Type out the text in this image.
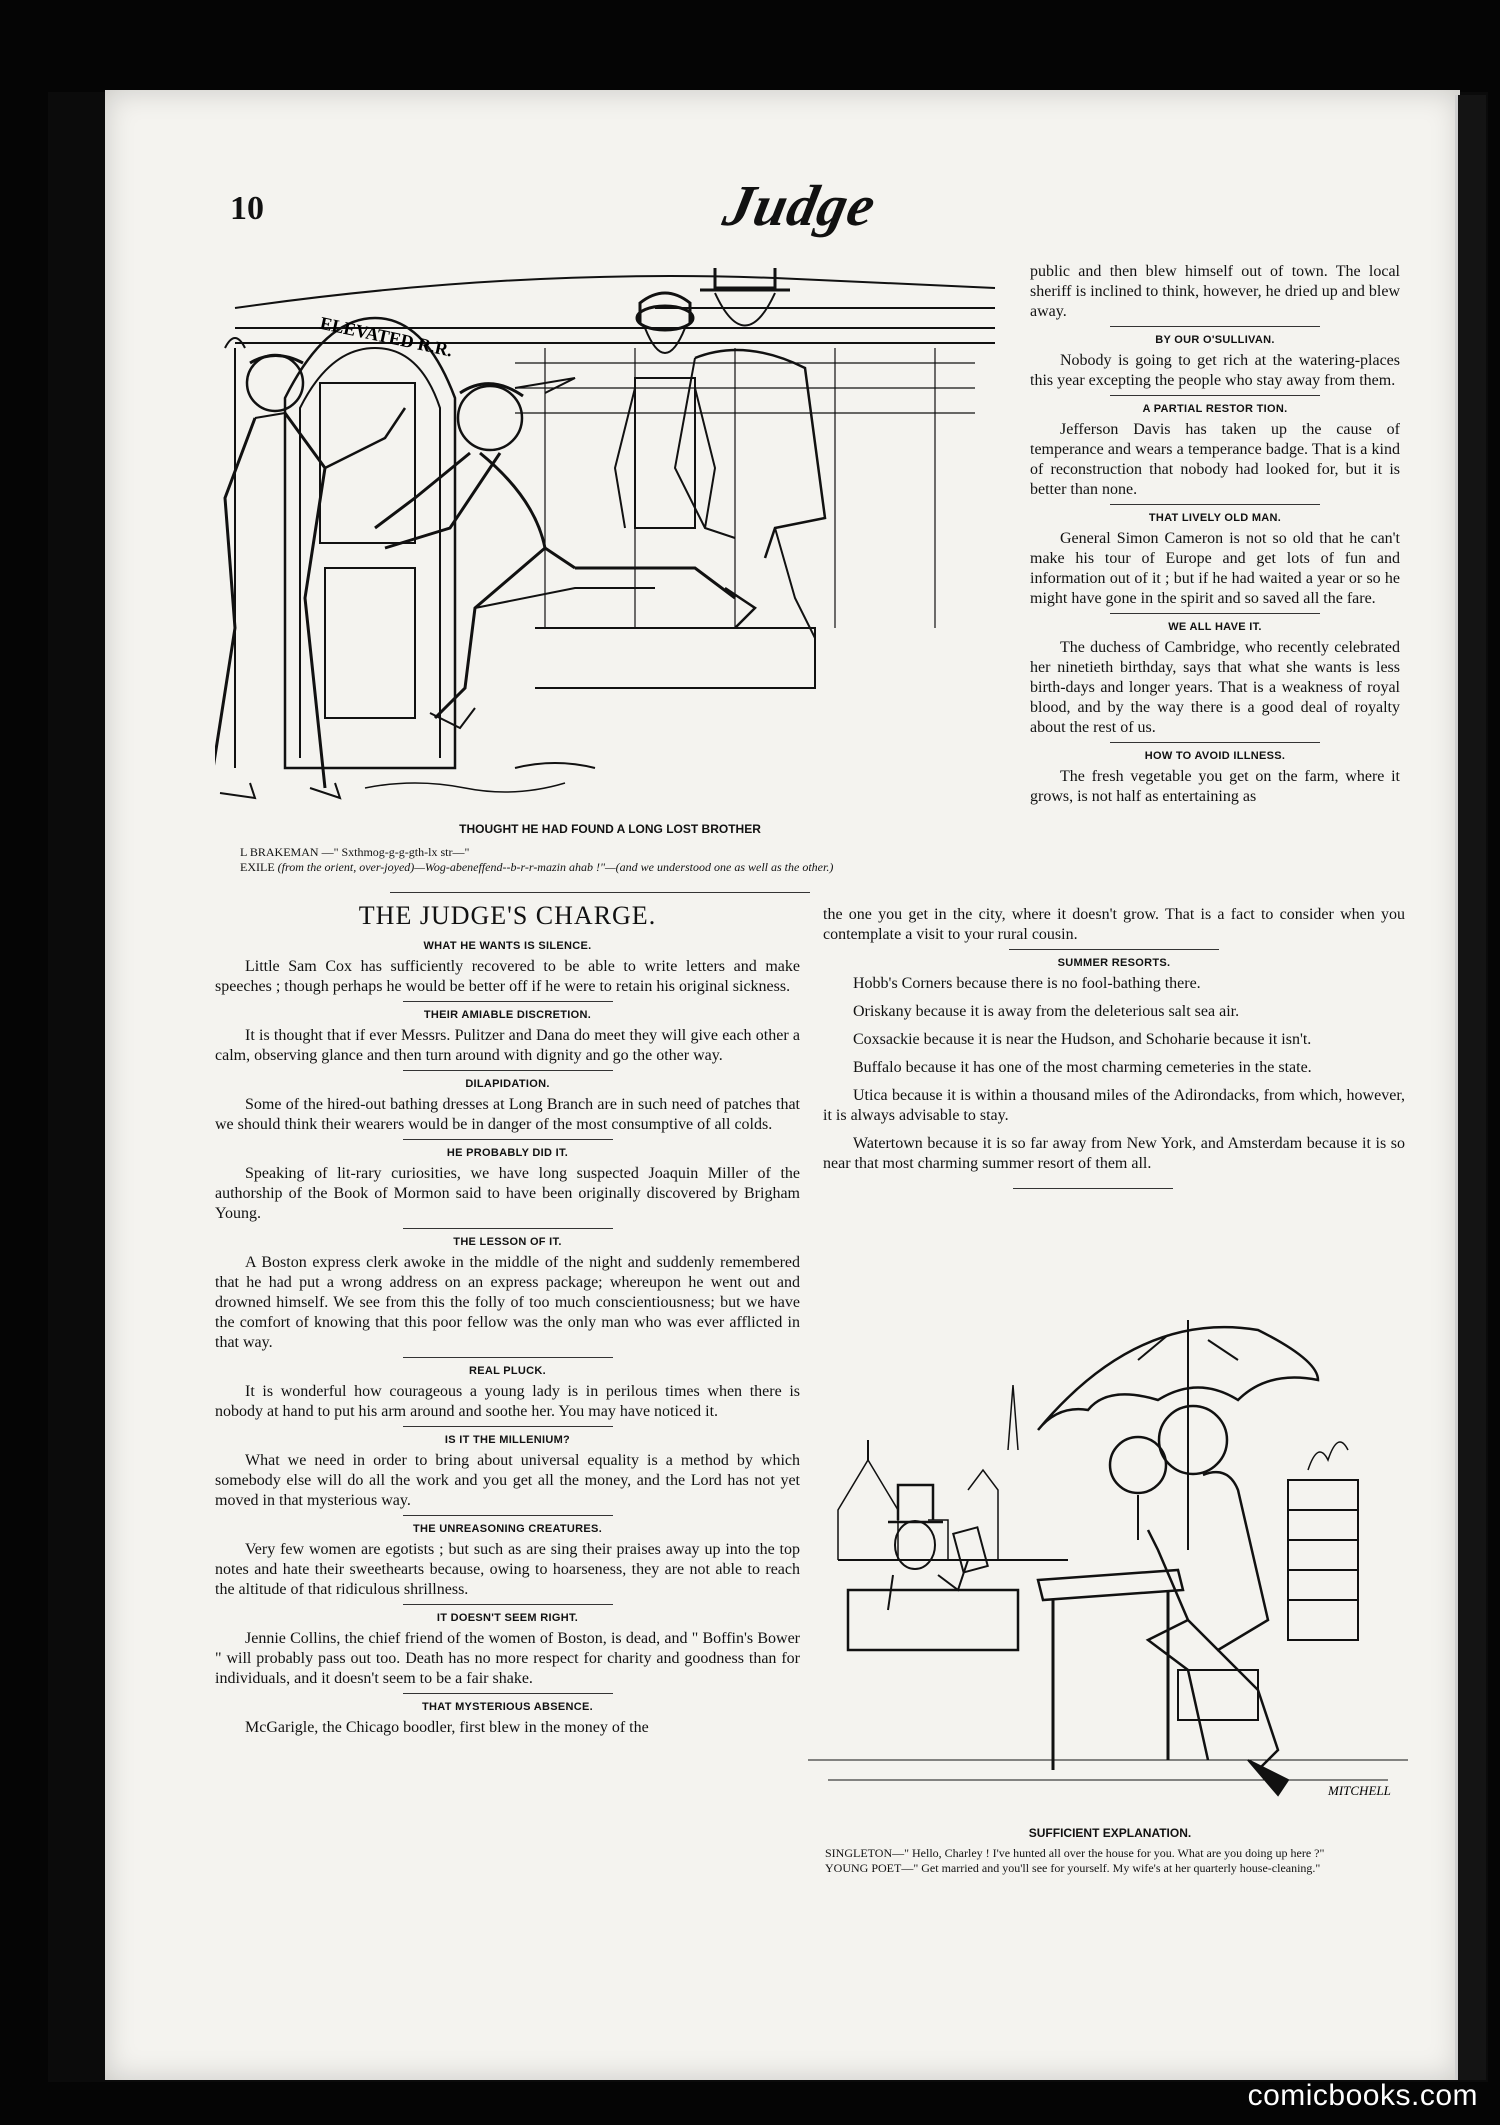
10	Judge
ELEVATED R.R.
THOUGHT HE HAD FOUND A LONG LOST BROTHER
L BRAKEMAN —" Sxthmog-g-g-gth-lx str—"
EXILE (from the orient, over-joyed)—Wog-abeneffend--b-r-r-mazin ahab !"—(and we understood one as well as the other.)

public and then blew himself out of town. The local sheriff is inclined to think, however, he dried up and blew away.

BY OUR O'SULLIVAN.

Nobody is going to get rich at the watering-places this year excepting the people who stay away from them.

A PARTIAL RESTOR TION.

Jefferson Davis has taken up the cause of temperance and wears a temperance badge. That is a kind of reconstruction that nobody had looked for, but it is better than none.

THAT LIVELY OLD MAN.

General Simon Cameron is not so old that he can't make his tour of Europe and get lots of fun and information out of it ; but if he had waited a year or so he might have gone in the spirit and so saved all the fare.

WE ALL HAVE IT.

The duchess of Cambridge, who recently celebrated her ninetieth birthday, says that what she wants is less birth-days and longer years. That is a weakness of royal blood, and by the way there is a good deal of royalty about the rest of us.

HOW TO AVOID ILLNESS.

The fresh vegetable you get on the farm, where it grows, is not half as entertaining as

THE JUDGE'S CHARGE.
WHAT HE WANTS IS SILENCE.

Little Sam Cox has sufficiently recovered to be able to write letters and make speeches ; though perhaps he would be better off if he were to retain his original sickness.

THEIR AMIABLE DISCRETION.

It is thought that if ever Messrs. Pulitzer and Dana do meet they will give each other a calm, observing glance and then turn around with dignity and go the other way.

DILAPIDATION.

Some of the hired-out bathing dresses at Long Branch are in such need of patches that we should think their wearers would be in danger of the most consumptive of all colds.

HE PROBABLY DID IT.

Speaking of lit-rary curiosities, we have long suspected Joaquin Miller of the authorship of the Book of Mormon said to have been originally discovered by Brigham Young.

THE LESSON OF IT.

A Boston express clerk awoke in the middle of the night and suddenly remembered that he had put a wrong address on an express package; whereupon he went out and drowned himself. We see from this the folly of too much conscientiousness; but we have the comfort of knowing that this poor fellow was the only man who was ever afflicted in that way.

REAL PLUCK.

It is wonderful how courageous a young lady is in perilous times when there is nobody at hand to put his arm around and soothe her. You may have noticed it.

IS IT THE MILLENIUM?

What we need in order to bring about universal equality is a method by which somebody else will do all the work and you get all the money, and the Lord has not yet moved in that mysterious way.

THE UNREASONING CREATURES.

Very few women are egotists ; but such as are sing their praises away up into the top notes and hate their sweethearts because, owing to hoarseness, they are not able to reach the altitude of that ridiculous shrillness.

IT DOESN'T SEEM RIGHT.

Jennie Collins, the chief friend of the women of Boston, is dead, and " Boffin's Bower " will probably pass out too. Death has no more respect for charity and goodness than for individuals, and it doesn't seem to be a fair shake.

THAT MYSTERIOUS ABSENCE.

McGarigle, the Chicago boodler, first blew in the money of the

the one you get in the city, where it doesn't grow. That is a fact to consider when you contemplate a visit to your rural cousin.

SUMMER RESORTS.

Hobb's Corners because there is no fool-bathing there.

Oriskany because it is away from the deleterious salt sea air.

Coxsackie because it is near the Hudson, and Schoharie because it isn't.

Buffalo because it has one of the most charming cemeteries in the state.

Utica because it is within a thousand miles of the Adirondacks, from which, however, it is always advisable to stay.

Watertown because it is so far away from New York, and Amsterdam because it is so near that most charming summer resort of them all.

MITCHELL
SUFFICIENT EXPLANATION.
SINGLETON—" Hello, Charley ! I've hunted all over the house for you. What are you doing up here ?"
YOUNG POET—" Get married and you'll see for yourself. My wife's at her quarterly house-cleaning."
comicbooks.com
